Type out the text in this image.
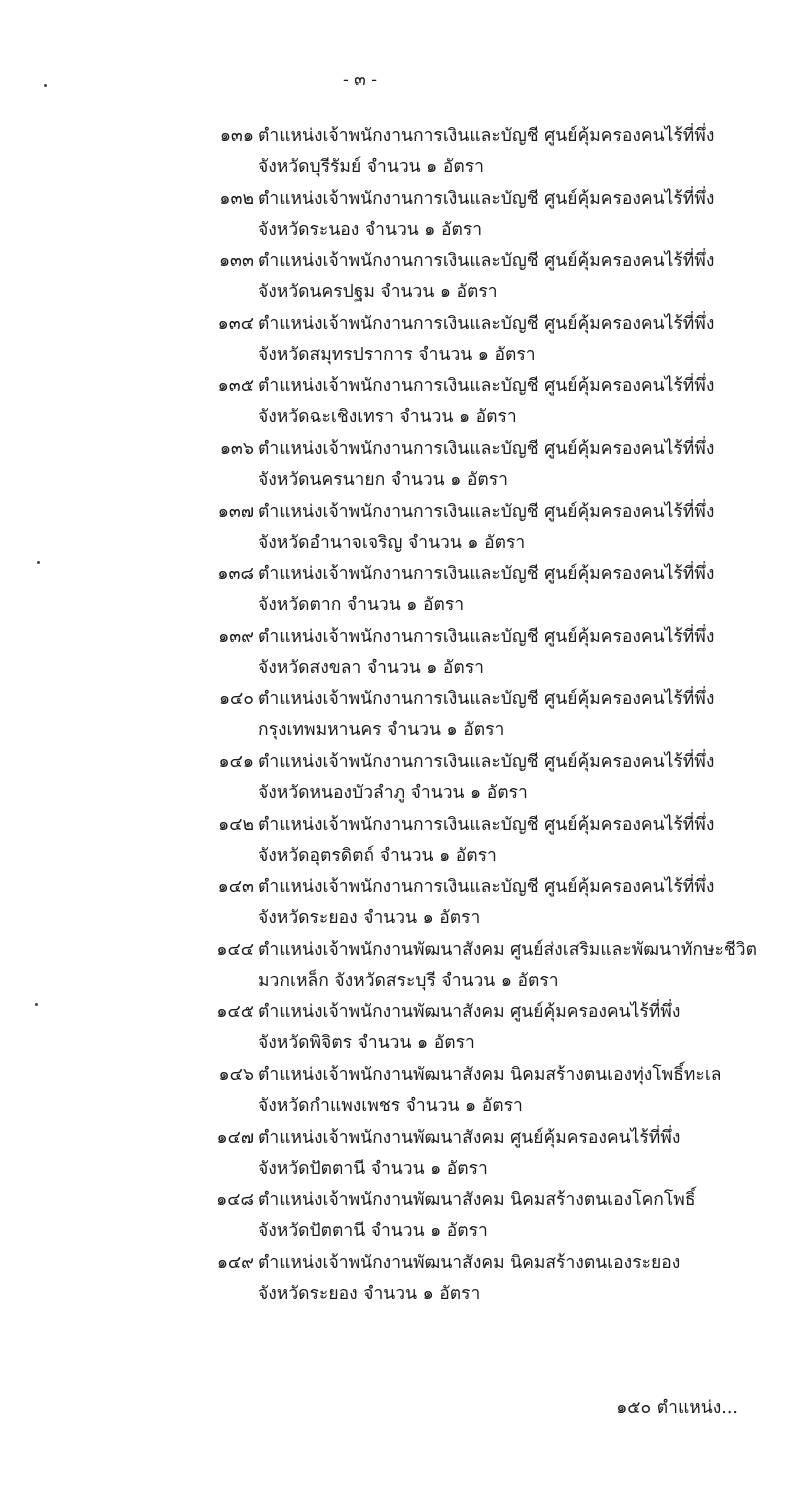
- ๓ -
๑๓๑ ตำแหน่งเจ้าพนักงานการเงินและบัญชี ศูนย์คุ้มครองคนไร้ที่พึ่ง
จังหวัดบุรีรัมย์ จำนวน ๑ อัตรา
๑๓๒ ตำแหน่งเจ้าพนักงานการเงินและบัญชี ศูนย์คุ้มครองคนไร้ที่พึ่ง
จังหวัดระนอง จำนวน ๑ อัตรา
๑๓๓ ตำแหน่งเจ้าพนักงานการเงินและบัญชี ศูนย์คุ้มครองคนไร้ที่พึ่ง
จังหวัดนครปฐม จำนวน ๑ อัตรา
๑๓๔ ตำแหน่งเจ้าพนักงานการเงินและบัญชี ศูนย์คุ้มครองคนไร้ที่พึ่ง
จังหวัดสมุทรปราการ จำนวน ๑ อัตรา
๑๓๕ ตำแหน่งเจ้าพนักงานการเงินและบัญชี ศูนย์คุ้มครองคนไร้ที่พึ่ง
จังหวัดฉะเชิงเทรา จำนวน ๑ อัตรา
๑๓๖ ตำแหน่งเจ้าพนักงานการเงินและบัญชี ศูนย์คุ้มครองคนไร้ที่พึ่ง
จังหวัดนครนายก จำนวน ๑ อัตรา
๑๓๗ ตำแหน่งเจ้าพนักงานการเงินและบัญชี ศูนย์คุ้มครองคนไร้ที่พึ่ง
จังหวัดอำนาจเจริญ จำนวน ๑ อัตรา
๑๓๘ ตำแหน่งเจ้าพนักงานการเงินและบัญชี ศูนย์คุ้มครองคนไร้ที่พึ่ง
จังหวัดตาก จำนวน ๑ อัตรา
๑๓๙ ตำแหน่งเจ้าพนักงานการเงินและบัญชี ศูนย์คุ้มครองคนไร้ที่พึ่ง
จังหวัดสงขลา จำนวน ๑ อัตรา
๑๔๐ ตำแหน่งเจ้าพนักงานการเงินและบัญชี ศูนย์คุ้มครองคนไร้ที่พึ่ง
กรุงเทพมหานคร จำนวน ๑ อัตรา
๑๔๑ ตำแหน่งเจ้าพนักงานการเงินและบัญชี ศูนย์คุ้มครองคนไร้ที่พึ่ง
จังหวัดหนองบัวลำภู จำนวน ๑ อัตรา
๑๔๒ ตำแหน่งเจ้าพนักงานการเงินและบัญชี ศูนย์คุ้มครองคนไร้ที่พึ่ง
จังหวัดอุตรดิตถ์ จำนวน ๑ อัตรา
๑๔๓ ตำแหน่งเจ้าพนักงานการเงินและบัญชี ศูนย์คุ้มครองคนไร้ที่พึ่ง
จังหวัดระยอง จำนวน ๑ อัตรา
๑๔๔ ตำแหน่งเจ้าพนักงานพัฒนาสังคม ศูนย์ส่งเสริมและพัฒนาทักษะชีวิต
มวกเหล็ก จังหวัดสระบุรี จำนวน ๑ อัตรา
๑๔๕ ตำแหน่งเจ้าพนักงานพัฒนาสังคม ศูนย์คุ้มครองคนไร้ที่พึ่ง
จังหวัดพิจิตร จำนวน ๑ อัตรา
๑๔๖ ตำแหน่งเจ้าพนักงานพัฒนาสังคม นิคมสร้างตนเองทุ่งโพธิ์ทะเล
จังหวัดกำแพงเพชร จำนวน ๑ อัตรา
๑๔๗ ตำแหน่งเจ้าพนักงานพัฒนาสังคม ศูนย์คุ้มครองคนไร้ที่พึ่ง
จังหวัดปัตตานี จำนวน ๑ อัตรา
๑๔๘ ตำแหน่งเจ้าพนักงานพัฒนาสังคม นิคมสร้างตนเองโคกโพธิ์
จังหวัดปัตตานี จำนวน ๑ อัตรา
๑๔๙ ตำแหน่งเจ้าพนักงานพัฒนาสังคม นิคมสร้างตนเองระยอง
จังหวัดระยอง จำนวน ๑ อัตรา
๑๕๐ ตำแหน่ง...
